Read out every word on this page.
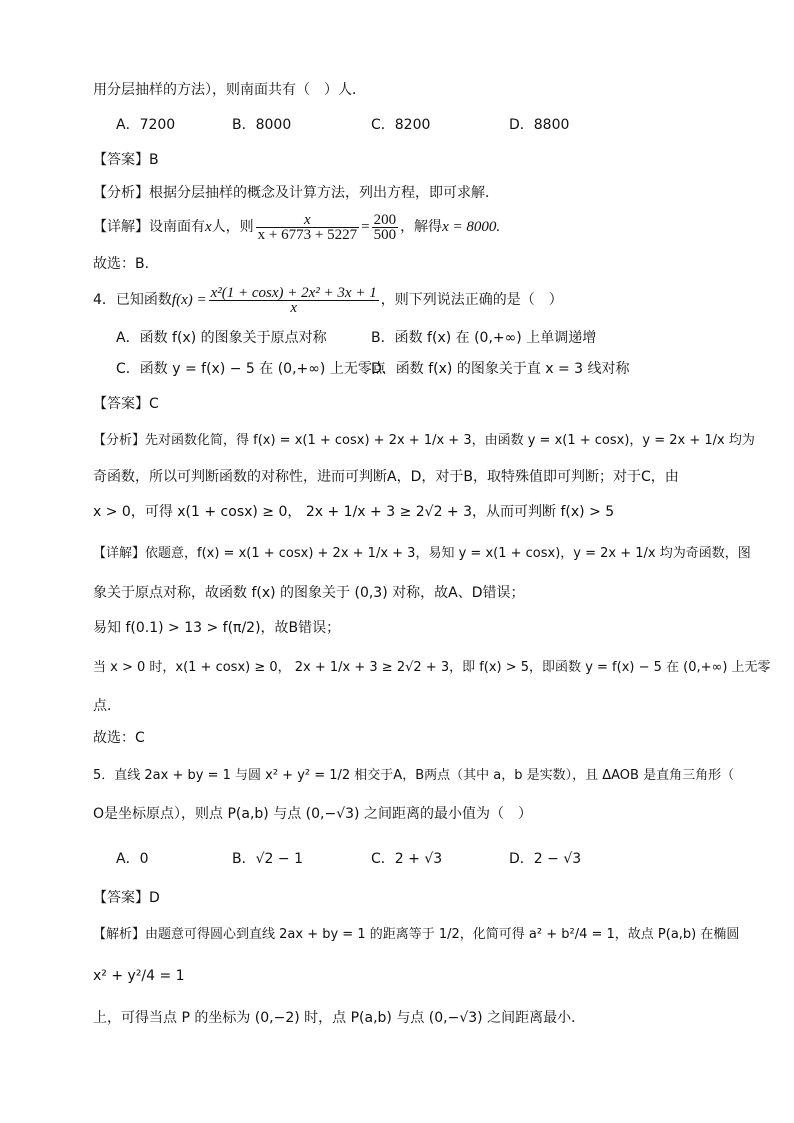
用分层抽样的方法），则南面共有（　）人．
A．7200	B．8000	C．8200	D．8800
【答案】B
【分析】根据分层抽样的概念及计算方法，列出方程，即可求解．
【详解】设南面有x人，则 $\frac{x}{x + 6773 + 5227} = \frac{200}{500}$ ，解得x = 8000.
故选：B.
4．已知函数$f(x) = \frac{\text{x²(1 + cosx) + 2x² + 3x + 1}}{x}$ ，则下列说法正确的是（　）
A．函数 f(x) 的图象关于原点对称	B．函数 f(x) 在 (0,+∞) 上单调递增
C．函数 y = f(x) − 5 在 (0,+∞) 上无零点
D．函数 f(x) 的图象关于直 x = 3 线对称
【答案】C
【分析】先对函数化简，得 f(x) = x(1 + cosx) + 2x + 1/x + 3，由函数 y = x(1 + cosx)，y = 2x + 1/x 均为
奇函数，所以可判断函数的对称性，进而可判断A，D，对于B，取特殊值即可判断；对于C，由
x > 0，可得 x(1 + cosx) ≥ 0， 2x + 1/x + 3 ≥ 2√2 + 3，从而可判断 f(x) > 5
【详解】依题意，f(x) = x(1 + cosx) + 2x + 1/x + 3，易知 y = x(1 + cosx)，y = 2x + 1/x 均为奇函数，图
象关于原点对称，故函数 f(x) 的图象关于 (0,3) 对称，故A、D错误；
易知 f(0.1) > 13 > f(π/2)，故B错误；
当 x > 0 时，x(1 + cosx) ≥ 0， 2x + 1/x + 3 ≥ 2√2 + 3，即 f(x) > 5，即函数 y = f(x) − 5 在 (0,+∞) 上无零
点．
故选：C
5．直线 2ax + by = 1 与圆 x² + y² = 1/2 相交于A，B两点（其中 a，b 是实数），且 ΔAOB 是直角三角形（
O是坐标原点），则点 P(a,b) 与点 (0,−√3) 之间距离的最小值为（　）
A．0	B．√2 − 1	C．2 + √3	D．2 − √3
【答案】D
【解析】由题意可得圆心到直线 2ax + by = 1 的距离等于 1/2，化简可得 a² + b²/4 = 1，故点 P(a,b) 在椭圆
x² + y²/4 = 1
上，可得当点 P 的坐标为 (0,−2) 时，点 P(a,b) 与点 (0,−√3) 之间距离最小．
